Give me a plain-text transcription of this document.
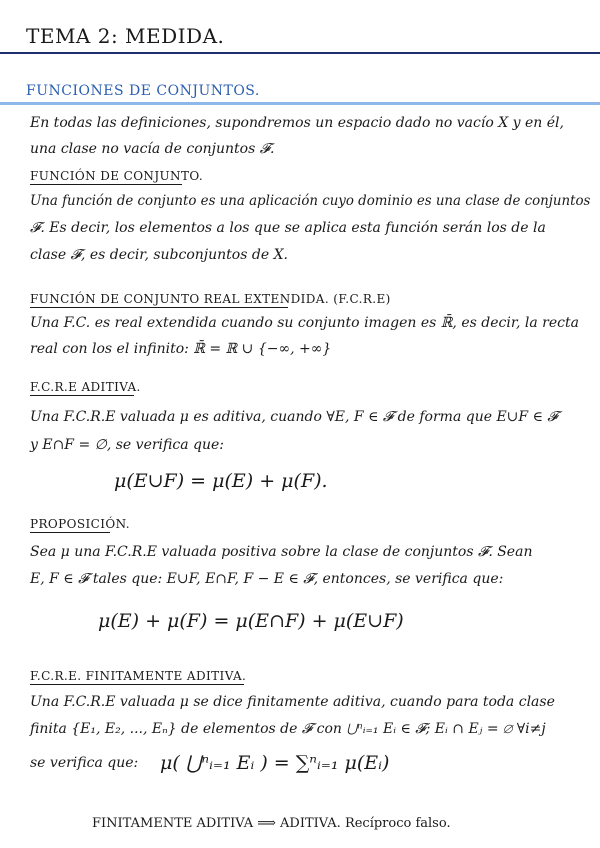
TEMA 2: MEDIDA.
FUNCIONES DE CONJUNTOS.
En todas las definiciones, supondremos un espacio dado no vacío X y en él,
una clase no vacía de conjuntos 𝓕.
FUNCIÓN DE CONJUNTO.
Una función de conjunto es una aplicación cuyo dominio es una clase de conjuntos
𝓕. Es decir, los elementos a los que se aplica esta función serán los de la
clase 𝓕, es decir, subconjuntos de X.
FUNCIÓN DE CONJUNTO REAL EXTENDIDA. (F.C.R.E)
Una F.C. es real extendida cuando su conjunto imagen es ℝ̄, es decir, la recta
real con los el infinito: ℝ̄ = ℝ ∪ {−∞, +∞}
F.C.R.E ADITIVA.
Una F.C.R.E valuada μ es aditiva, cuando ∀E, F ∈ 𝓕 de forma que E∪F ∈ 𝓕
y E∩F = ∅, se verifica que:
μ(E∪F) = μ(E) + μ(F).
PROPOSICIÓN.
Sea μ una F.C.R.E valuada positiva sobre la clase de conjuntos 𝓕. Sean
E, F ∈ 𝓕 tales que: E∪F, E∩F, F − E ∈ 𝓕, entonces, se verifica que:
μ(E) + μ(F) = μ(E∩F) + μ(E∪F)
F.C.R.E. FINITAMENTE ADITIVA.
Una F.C.R.E valuada μ se dice finitamente aditiva, cuando para toda clase
finita {E₁, E₂, ..., Eₙ} de elementos de 𝓕 con ⋃ⁿᵢ₌₁ Eᵢ ∈ 𝓕; Eᵢ ∩ Eⱼ = ∅ ∀i≠j
se verifica que: μ( ⋃ⁿᵢ₌₁ Eᵢ ) = ∑ⁿᵢ₌₁ μ(Eᵢ)
FINITAMENTE ADITIVA ⟹ ADITIVA. Recíproco falso.
